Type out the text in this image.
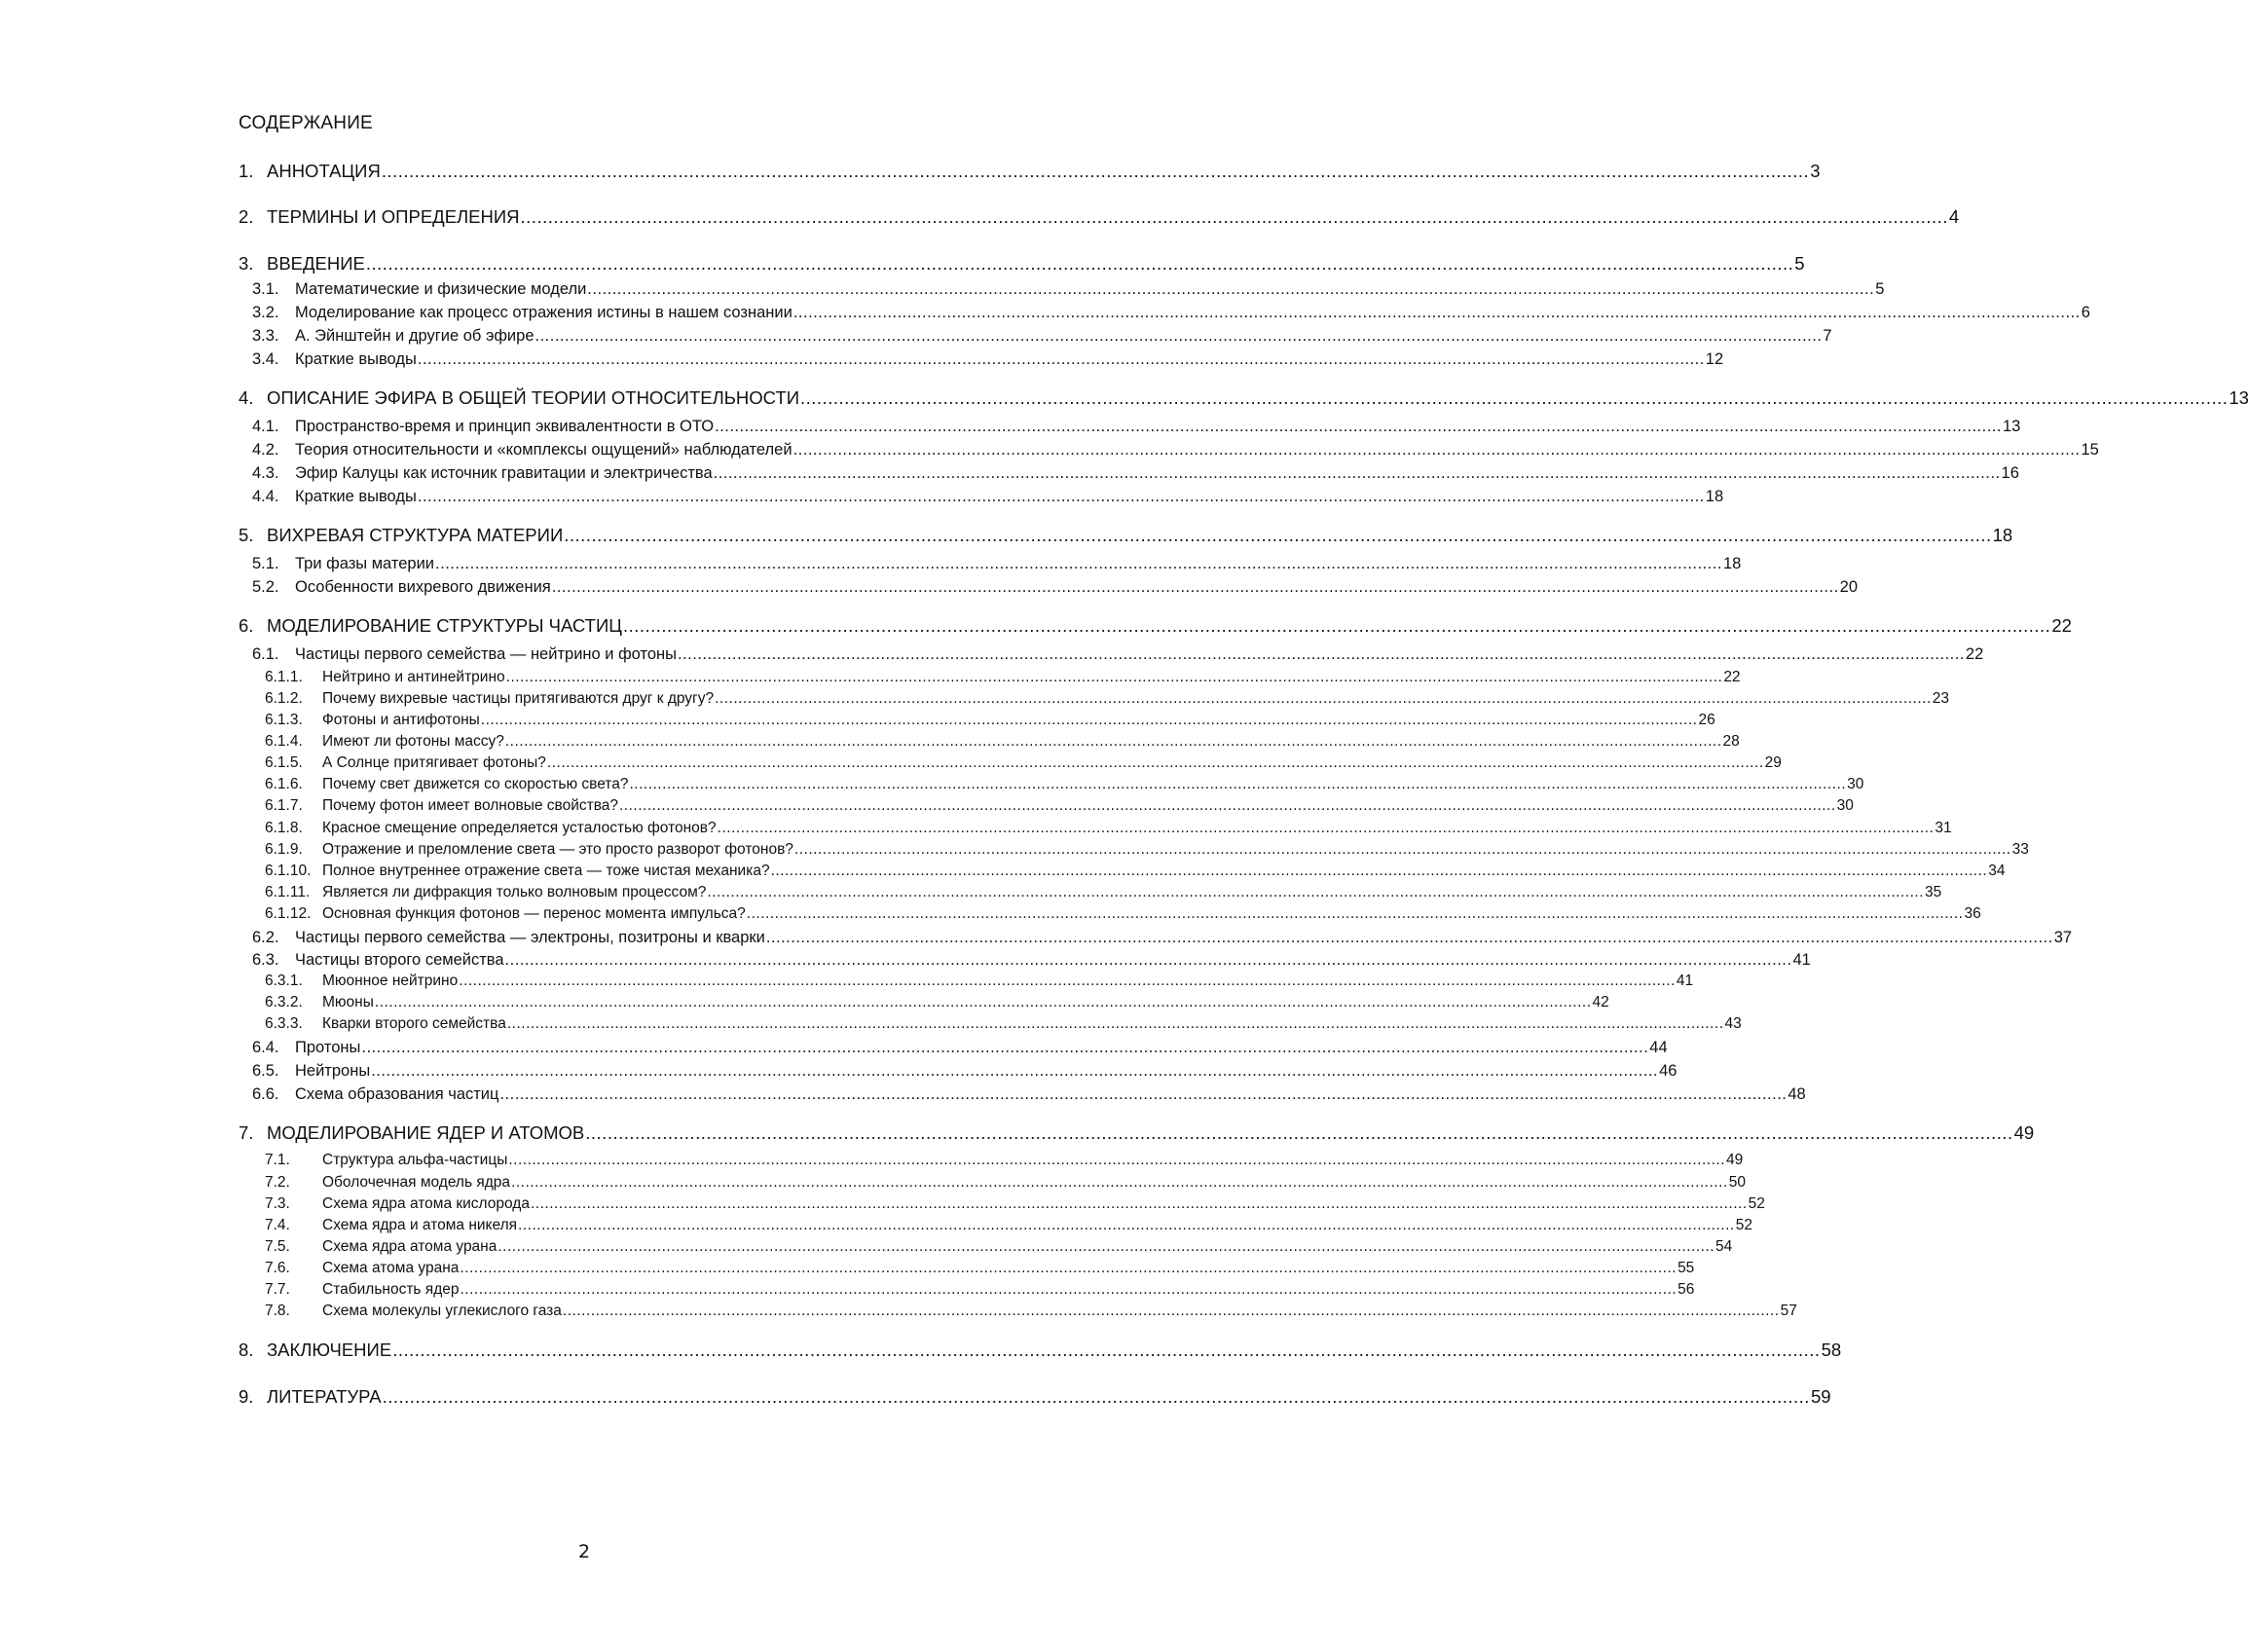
СОДЕРЖАНИЕ
1. АННОТАЦИЯ .................................................................................................................................................................................................................................................................... 3
2. ТЕРМИНЫ И ОПРЕДЕЛЕНИЯ .................................................................................................................................................................................................................................................................... 4
3. ВВЕДЕНИЕ .................................................................................................................................................................................................................................................................... 5
3.1. Математические и физические модели .................................................................................................................................................................................................................................................................... 5
3.2. Моделирование как процесс отражения истины в нашем сознании .................................................................................................................................................................................................................................................................... 6
3.3. А. Эйнштейн и другие об эфире .................................................................................................................................................................................................................................................................... 7
3.4. Краткие выводы .................................................................................................................................................................................................................................................................... 12
4. ОПИСАНИЕ ЭФИРА В ОБЩЕЙ ТЕОРИИ ОТНОСИТЕЛЬНОСТИ .................................................................................................................................................................................................................................................................... 13
4.1. Пространство-время и принцип эквивалентности в ОТО .................................................................................................................................................................................................................................................................... 13
4.2. Теория относительности и «комплексы ощущений» наблюдателей .................................................................................................................................................................................................................................................................... 15
4.3. Эфир Калуцы как источник гравитации и электричества .................................................................................................................................................................................................................................................................... 16
4.4. Краткие выводы .................................................................................................................................................................................................................................................................... 18
5. ВИХРЕВАЯ СТРУКТУРА МАТЕРИИ .................................................................................................................................................................................................................................................................... 18
5.1. Три фазы материи .................................................................................................................................................................................................................................................................... 18
5.2. Особенности вихревого движения .................................................................................................................................................................................................................................................................... 20
6. МОДЕЛИРОВАНИЕ СТРУКТУРЫ ЧАСТИЦ .................................................................................................................................................................................................................................................................... 22
6.1. Частицы первого семейства — нейтрино и фотоны .................................................................................................................................................................................................................................................................... 22
6.1.1. Нейтрино и антинейтрино .................................................................................................................................................................................................................................................................... 22
6.1.2. Почему вихревые частицы притягиваются друг к другу? .................................................................................................................................................................................................................................................................... 23
6.1.3. Фотоны и антифотоны .................................................................................................................................................................................................................................................................... 26
6.1.4. Имеют ли фотоны массу? .................................................................................................................................................................................................................................................................... 28
6.1.5. А Солнце притягивает фотоны? .................................................................................................................................................................................................................................................................... 29
6.1.6. Почему свет движется со скоростью света? .................................................................................................................................................................................................................................................................... 30
6.1.7. Почему фотон имеет волновые свойства? .................................................................................................................................................................................................................................................................... 30
6.1.8. Красное смещение определяется усталостью фотонов? .................................................................................................................................................................................................................................................................... 31
6.1.9. Отражение и преломление света — это просто разворот фотонов? .................................................................................................................................................................................................................................................................... 33
6.1.10. Полное внутреннее отражение света — тоже чистая механика? .................................................................................................................................................................................................................................................................... 34
6.1.11. Является ли дифракция только волновым процессом? .................................................................................................................................................................................................................................................................... 35
6.1.12. Основная функция фотонов — перенос момента импульса? .................................................................................................................................................................................................................................................................... 36
6.2. Частицы первого семейства — электроны, позитроны и кварки .................................................................................................................................................................................................................................................................... 37
6.3. Частицы второго семейства .................................................................................................................................................................................................................................................................... 41
6.3.1. Мюонное нейтрино .................................................................................................................................................................................................................................................................... 41
6.3.2. Мюоны .................................................................................................................................................................................................................................................................... 42
6.3.3. Кварки второго семейства .................................................................................................................................................................................................................................................................... 43
6.4. Протоны .................................................................................................................................................................................................................................................................... 44
6.5. Нейтроны .................................................................................................................................................................................................................................................................... 46
6.6. Схема образования частиц .................................................................................................................................................................................................................................................................... 48
7. МОДЕЛИРОВАНИЕ ЯДЕР И АТОМОВ .................................................................................................................................................................................................................................................................... 49
7.1. Структура альфа-частицы .................................................................................................................................................................................................................................................................... 49
7.2. Оболочечная модель ядра .................................................................................................................................................................................................................................................................... 50
7.3. Схема ядра атома кислорода .................................................................................................................................................................................................................................................................... 52
7.4. Схема ядра и атома никеля .................................................................................................................................................................................................................................................................... 52
7.5. Схема ядра атома урана .................................................................................................................................................................................................................................................................... 54
7.6. Схема атома урана .................................................................................................................................................................................................................................................................... 55
7.7. Стабильность ядер .................................................................................................................................................................................................................................................................... 56
7.8. Схема молекулы углекислого газа .................................................................................................................................................................................................................................................................... 57
8. ЗАКЛЮЧЕНИЕ .................................................................................................................................................................................................................................................................... 58
9. ЛИТЕРАТУРА .................................................................................................................................................................................................................................................................... 59
2
